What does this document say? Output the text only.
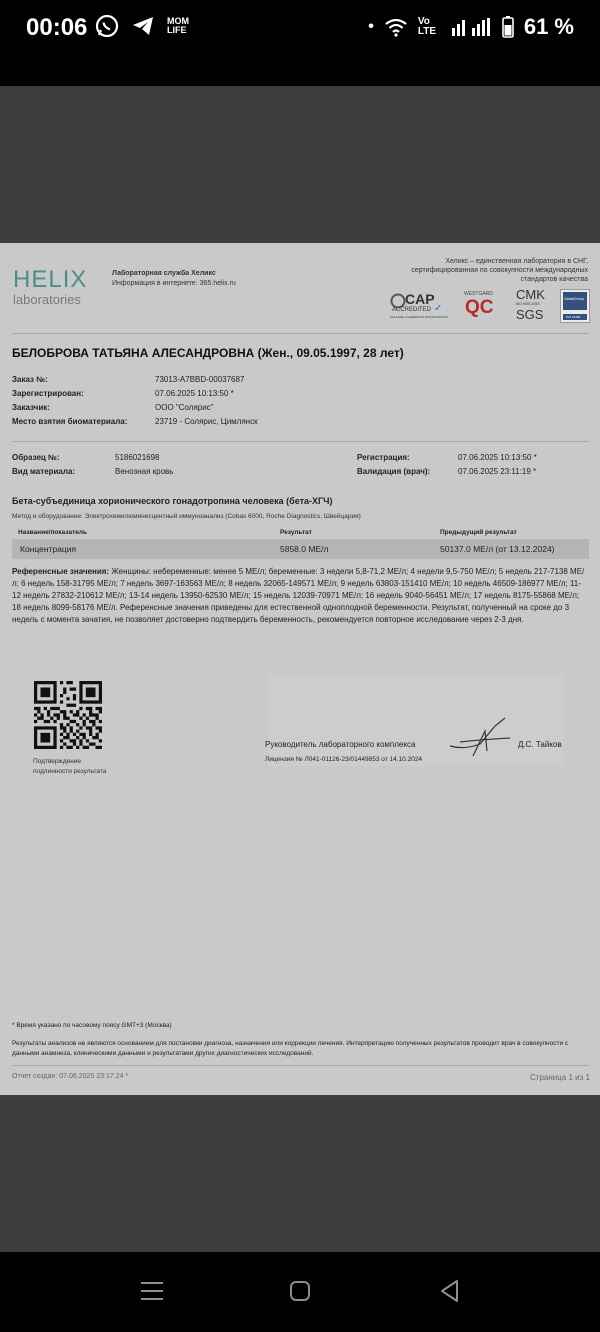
00:06	MOM LIFE	•	Vo LTE	61 %
HELIX
laboratories
Лабораторная служба Хеликс
Информация в интернете: 365.helix.ru
Хеликс – единственная лаборатория в СНГ, сертифицированная по совокупности международных стандартов качества
CAP
ACCREDITED ✓
COLLEGE of AMERICAN PATHOLOGISTS
WESTGARD
QC
CMK
ISO 9001:2015
SGS
GlobalGroup
ISO 15189
БЕЛОБРОВА ТАТЬЯНА АЛЕСАНДРОВНА (Жен., 09.05.1997, 28 лет)
Заказ №:	73013-A7BBD-00037687
Зарегистрирован:	07.06.2025 10:13:50 *
Заказчик:	ООО "Солярис"
Место взятия биоматериала:	23719 - Солярис, Цимлянск
Образец №:	5186021698
Вид материала:	Венозная кровь
Регистрация:	07.06.2025 10:13:50 *
Валидация (врач):	07.06.2025 23:11:19 *
Бета-субъединица хорионического гонадотропина человека (бета-ХГЧ)
Метод и оборудование: Электрохемилюминесцентный иммуноанализ (Cobas 6000, Roche Diagnostics, Швейцария)
Название/показатель	Результат	Предыдущий результат
Концентрация	5858.0 МЕ/л	50137.0 МЕ/л (от 13.12.2024)
Референсные значения: Женщины: небеременные: менее 5 МЕ/л; беременные: 3 недели 5,8-71,2 МЕ/л; 4 недели 9,5-750 МЕ/л; 5 недель 217-7138 МЕ/л; 6 недель 158-31795 МЕ/л; 7 недель 3697-163563 МЕ/л; 8 недель 32065-149571 МЕ/л; 9 недель 63803-151410 МЕ/л; 10 недель 46509-186977 МЕ/л; 11-12 недель 27832-210612 МЕ/л; 13-14 недель 13950-62530 МЕ/л; 15 недель 12039-70971 МЕ/л; 16 недель 9040-56451 МЕ/л; 17 недель 8175-55868 МЕ/л; 18 недель 8099-58176 МЕ/л. Референсные значения приведены для естественной одноплодной беременности. Результат, полученный на сроке до 3 недель с момента зачатия, не позволяет достоверно подтвердить беременность, рекомендуется повторное исследование через 2-3 дня.
Подтверждение
подлинности результата
Руководитель лабораторного комплекса	Д.С. Тайков
Лицензия № Л041-01126-23/01449853 от 14.10.2024
* Время указано по часовому поясу GMT+3 (Москва)
Результаты анализов не являются основанием для постановки диагноза, назначения или коррекции лечения. Интерпретацию полученных результатов проводит врач в совокупности с данными анамнеза, клиническими данными и результатами других диагностических исследований.
Отчет создан: 07.06.2025 23:17:24 *	Страница 1 из 1
